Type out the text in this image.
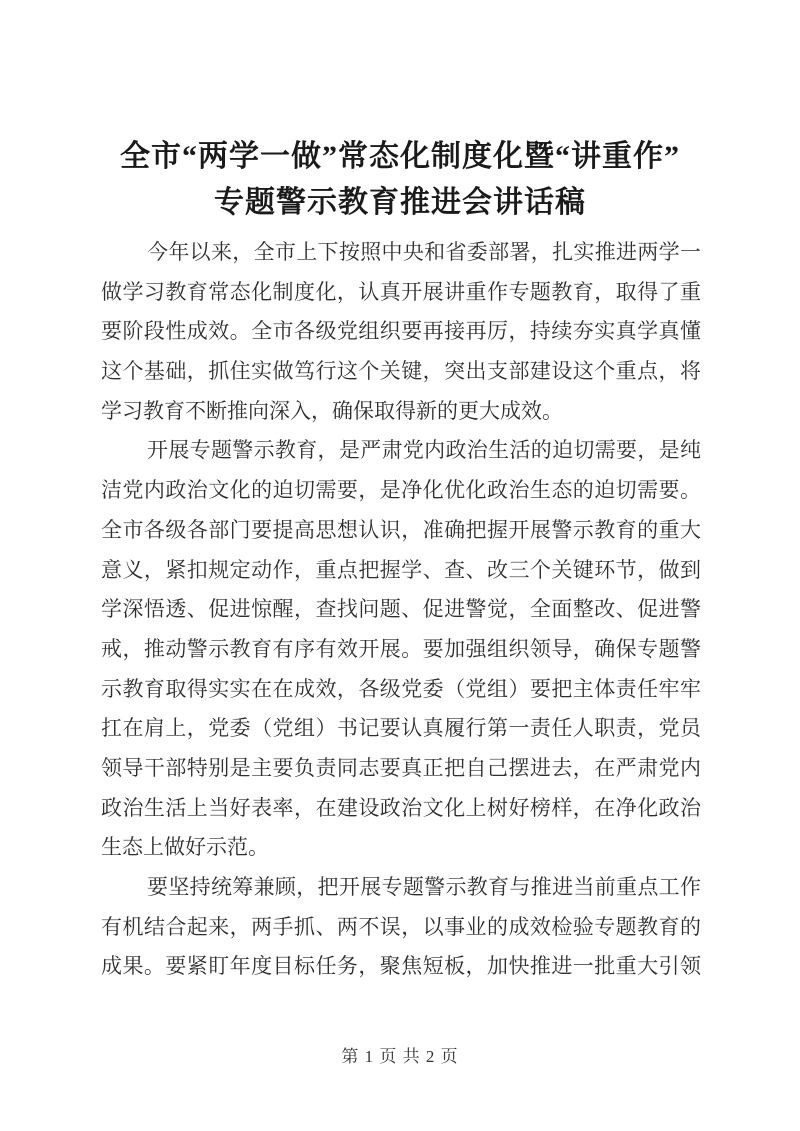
全市“两学一做”常态化制度化暨“讲重作”
专题警示教育推进会讲话稿
今年以来，全市上下按照中央和省委部署，扎实推进两学一
做学习教育常态化制度化，认真开展讲重作专题教育，取得了重
要阶段性成效。全市各级党组织要再接再厉，持续夯实真学真懂
这个基础，抓住实做笃行这个关键，突出支部建设这个重点，将
学习教育不断推向深入，确保取得新的更大成效。
开展专题警示教育，是严肃党内政治生活的迫切需要，是纯
洁党内政治文化的迫切需要，是净化优化政治生态的迫切需要。
全市各级各部门要提高思想认识，准确把握开展警示教育的重大
意义，紧扣规定动作，重点把握学、查、改三个关键环节，做到
学深悟透、促进惊醒，查找问题、促进警觉，全面整改、促进警
戒，推动警示教育有序有效开展。要加强组织领导，确保专题警
示教育取得实实在在成效，各级党委（党组）要把主体责任牢牢
扛在肩上，党委（党组）书记要认真履行第一责任人职责，党员
领导干部特别是主要负责同志要真正把自己摆进去，在严肃党内
政治生活上当好表率，在建设政治文化上树好榜样，在净化政治
生态上做好示范。
要坚持统筹兼顾，把开展专题警示教育与推进当前重点工作
有机结合起来，两手抓、两不误，以事业的成效检验专题教育的
成果。要紧盯年度目标任务，聚焦短板，加快推进一批重大引领
第 1 页 共 2 页
